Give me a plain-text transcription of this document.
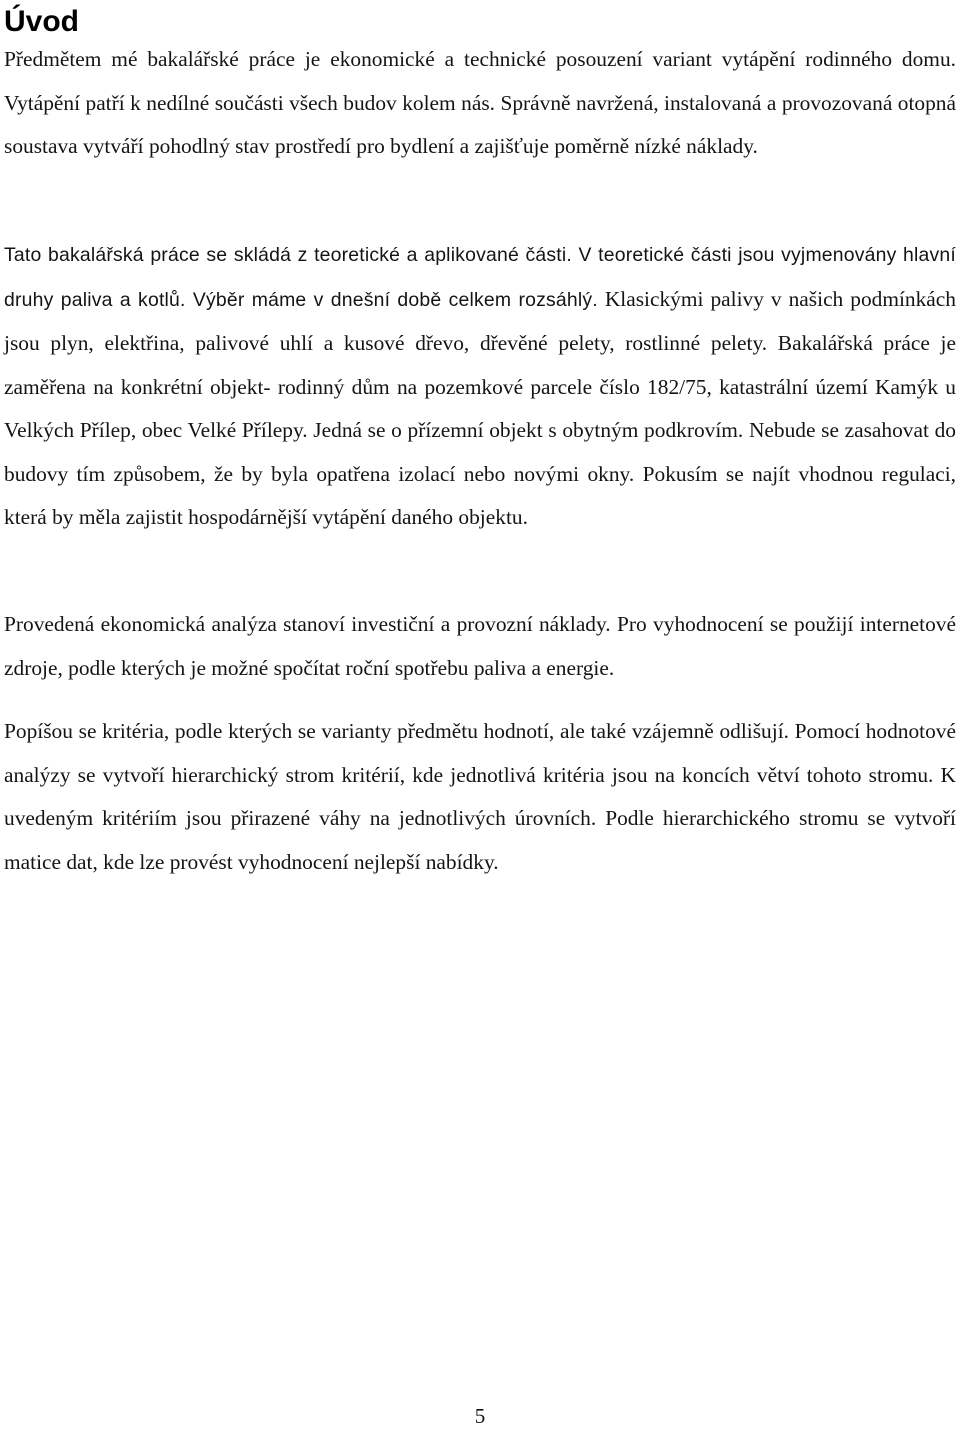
Úvod

Předmětem mé bakalářské práce je ekonomické a technické posouzení variant vytápění rodinného domu. Vytápění patří k nedílné součásti všech budov kolem nás. Správně navržená, instalovaná a provozovaná otopná soustava vytváří pohodlný stav prostředí pro bydlení a zajišťuje poměrně nízké náklady.

Tato bakalářská práce se skládá z teoretické a aplikované části. V teoretické části jsou vyjmenovány hlavní druhy paliva a kotlů. Výběr máme v dnešní době celkem rozsáhlý. Klasickými palivy v našich podmínkách jsou plyn, elektřina, palivové uhlí a kusové dřevo, dřevěné pelety, rostlinné pelety. Bakalářská práce je zaměřena na konkrétní objekt- rodinný dům na pozemkové parcele číslo 182/75, katastrální území Kamýk u Velkých Přílep, obec Velké Přílepy. Jedná se o přízemní objekt s obytným podkrovím. Nebude se zasahovat do budovy tím způsobem, že by byla opatřena izolací nebo novými okny. Pokusím se najít vhodnou regulaci, která by měla zajistit hospodárnější vytápění daného objektu.

Provedená ekonomická analýza stanoví investiční a provozní náklady. Pro vyhodnocení se použijí internetové zdroje, podle kterých je možné spočítat roční spotřebu paliva a energie.

Popíšou se kritéria, podle kterých se varianty předmětu hodnotí, ale také vzájemně odlišují. Pomocí hodnotové analýzy se vytvoří hierarchický strom kritérií, kde jednotlivá kritéria jsou na koncích větví tohoto stromu. K uvedeným kritériím jsou přirazené váhy na jednotlivých úrovních. Podle hierarchického stromu se vytvoří matice dat, kde lze provést vyhodnocení nejlepší nabídky.

5
